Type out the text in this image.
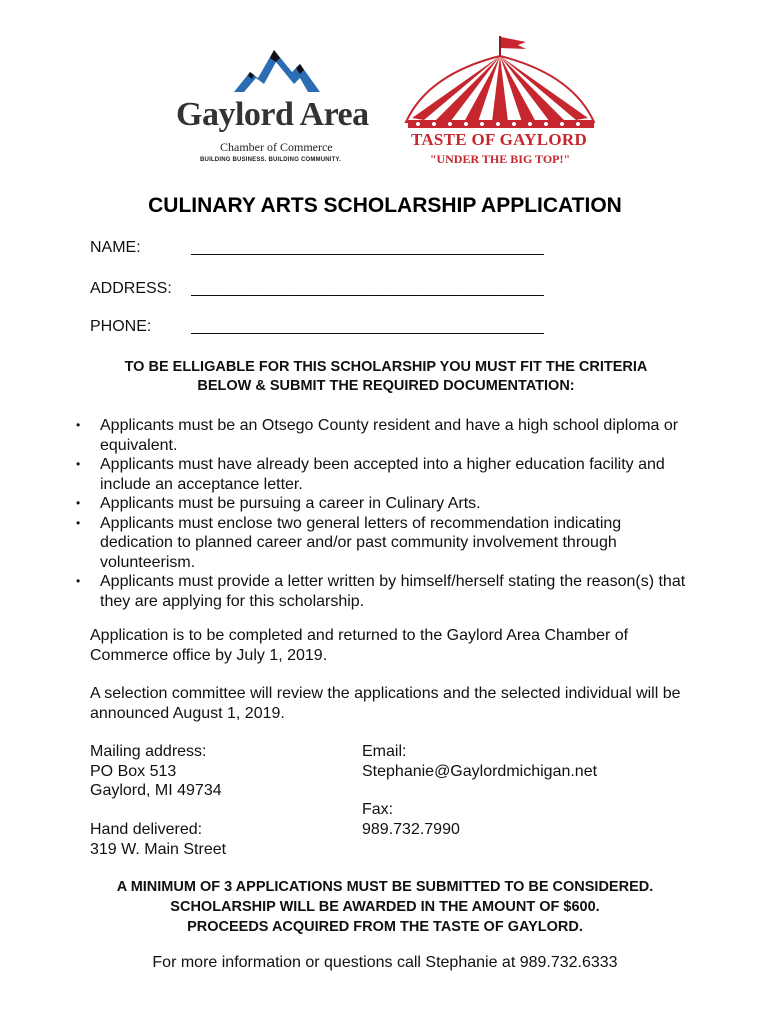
Gaylord Area
Chamber of Commerce
BUILDING BUSINESS. BUILDING COMMUNITY.
TASTE OF GAYLORD
"UNDER THE BIG TOP!"
CULINARY ARTS SCHOLARSHIP APPLICATION
NAME:	__________________________________________
ADDRESS: __________________________________________
PHONE: __________________________________________
TO BE ELLIGABLE FOR THIS SCHOLARSHIP YOU MUST FIT THE CRITERIA
BELOW & SUBMIT THE REQUIRED DOCUMENTATION:
• Applicants must be an Otsego County resident and have a high school diploma or equivalent.
• Applicants must have already been accepted into a higher education facility and include an acceptance letter.
• Applicants must be pursuing a career in Culinary Arts.
• Applicants must enclose two general letters of recommendation indicating dedication to planned career and/or past community involvement through volunteerism.
• Applicants must provide a letter written by himself/herself stating the reason(s) that they are applying for this scholarship.
Application is to be completed and returned to the Gaylord Area Chamber of Commerce office by July 1, 2019.
A selection committee will review the applications and the selected individual will be announced August 1, 2019.
Mailing address:
PO Box 513
Gaylord, MI 49734
Hand delivered:
319 W. Main Street
Email:
Stephanie@Gaylordmichigan.net
Fax:
989.732.7990
A MINIMUM OF 3 APPLICATIONS MUST BE SUBMITTED TO BE CONSIDERED.
SCHOLARSHIP WILL BE AWARDED IN THE AMOUNT OF $600.
PROCEEDS ACQUIRED FROM THE TASTE OF GAYLORD.
For more information or questions call Stephanie at 989.732.6333
